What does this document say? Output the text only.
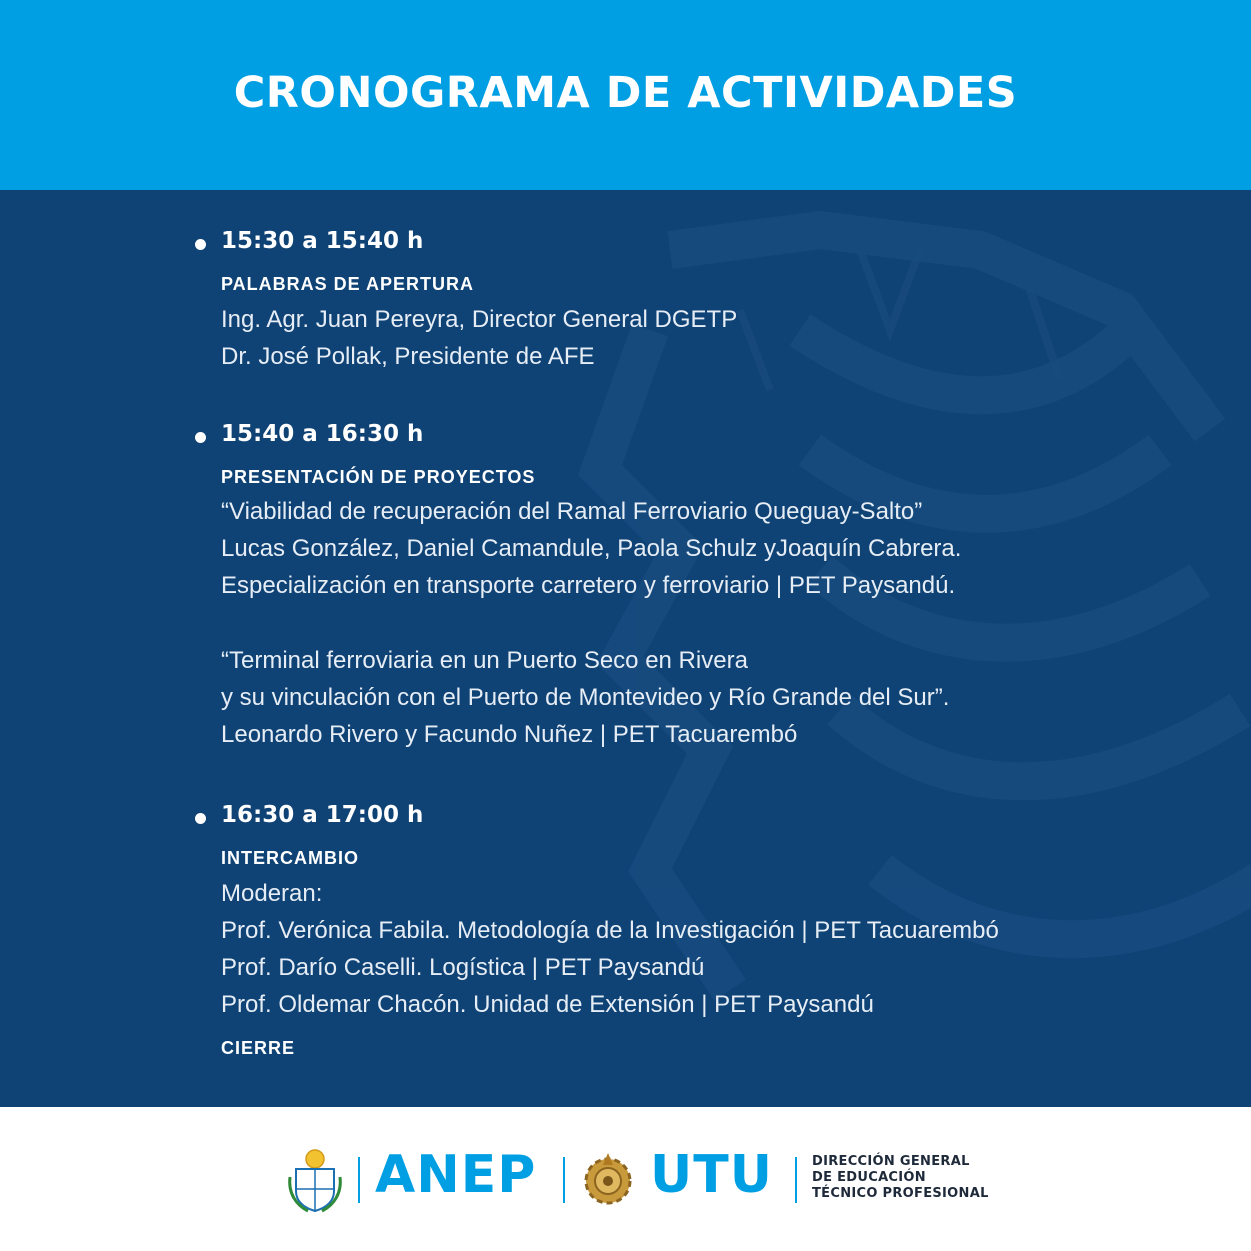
CRONOGRAMA DE ACTIVIDADES
15:30 a 15:40 h
PALABRAS DE APERTURA
Ing. Agr. Juan Pereyra, Director General DGETP
Dr. José Pollak, Presidente de AFE
15:40 a 16:30 h
PRESENTACIÓN DE PROYECTOS
“Viabilidad de recuperación del Ramal Ferroviario Queguay-Salto”
Lucas González, Daniel Camandule, Paola Schulz yJoaquín Cabrera.
Especialización en transporte carretero y ferroviario | PET Paysandú.
“Terminal ferroviaria en un Puerto Seco en Rivera
y su vinculación con el Puerto de Montevideo y Río Grande del Sur”.
Leonardo Rivero y Facundo Nuñez | PET Tacuarembó
16:30 a 17:00 h
INTERCAMBIO
Moderan:
Prof. Verónica Fabila. Metodología de la Investigación | PET Tacuarembó
Prof. Darío Caselli. Logística | PET Paysandú
Prof. Oldemar Chacón. Unidad de Extensión | PET Paysandú
CIERRE
ANEP UTU	DIRECCIÓN GENERAL
DE EDUCACIÓN
TÉCNICO PROFESIONAL
